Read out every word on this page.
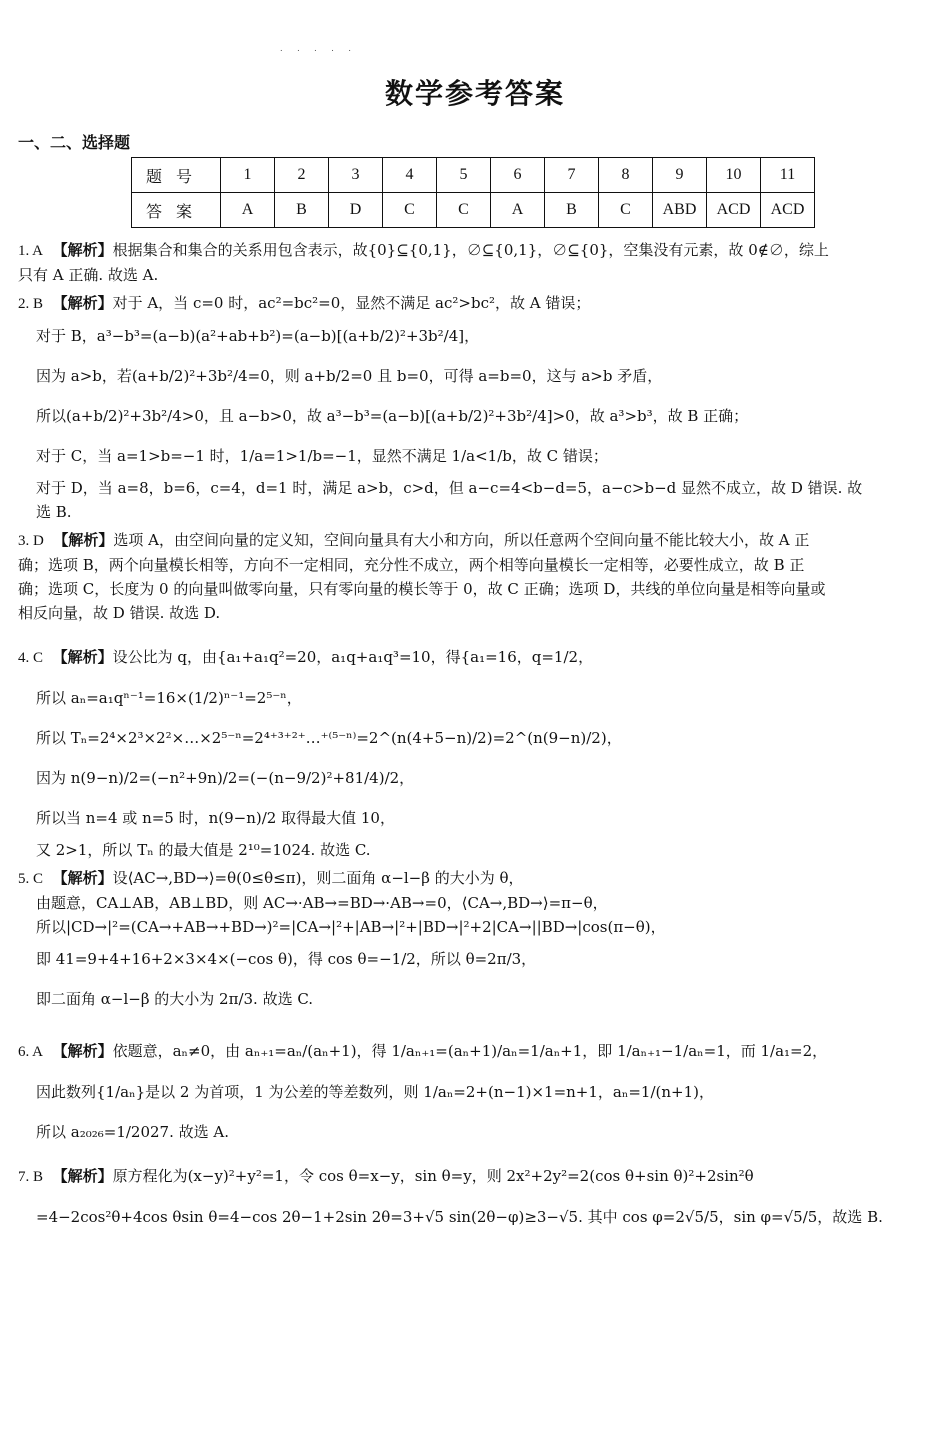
. . . . .
数学参考答案
一、二、选择题
题号	1	2	3	4	5	6	7	8	9	10	11
答案	A	B	D	C	C	A	B	C	ABD	ACD	ACD
1. A 【解析】根据集合和集合的关系用包含表示，故{0}⊆{0,1}，∅⊆{0,1}，∅⊆{0}，空集没有元素，故 0∉∅，综上
只有 A 正确. 故选 A.
2. B 【解析】对于 A，当 c=0 时，ac²=bc²=0，显然不满足 ac²>bc²，故 A 错误；
对于 B，a³−b³=(a−b)(a²+ab+b²)=(a−b)[(a+b/2)²+3b²/4]，
因为 a>b，若(a+b/2)²+3b²/4=0，则 a+b/2=0 且 b=0，可得 a=b=0，这与 a>b 矛盾，
所以(a+b/2)²+3b²/4>0，且 a−b>0，故 a³−b³=(a−b)[(a+b/2)²+3b²/4]>0，故 a³>b³，故 B 正确；
对于 C，当 a=1>b=−1 时，1/a=1>1/b=−1，显然不满足 1/a<1/b，故 C 错误；
对于 D，当 a=8，b=6，c=4，d=1 时，满足 a>b，c>d，但 a−c=4<b−d=5，a−c>b−d 显然不成立，故 D 错误. 故
选 B.
3. D 【解析】选项 A，由空间向量的定义知，空间向量具有大小和方向，所以任意两个空间向量不能比较大小，故 A 正
确；选项 B，两个向量模长相等，方向不一定相同，充分性不成立，两个相等向量模长一定相等，必要性成立，故 B 正
确；选项 C，长度为 0 的向量叫做零向量，只有零向量的模长等于 0，故 C 正确；选项 D，共线的单位向量是相等向量或
相反向量，故 D 错误. 故选 D.
4. C 【解析】设公比为 q，由{a₁+a₁q²=20，a₁q+a₁q³=10，得{a₁=16，q=1/2，
所以 aₙ=a₁qⁿ⁻¹=16×(1/2)ⁿ⁻¹=2⁵⁻ⁿ，
所以 Tₙ=2⁴×2³×2²×…×2⁵⁻ⁿ=2⁴⁺³⁺²⁺…⁺⁽⁵⁻ⁿ⁾=2^(n(4+5−n)/2)=2^(n(9−n)/2)，
因为 n(9−n)/2=(−n²+9n)/2=(−(n−9/2)²+81/4)/2，
所以当 n=4 或 n=5 时，n(9−n)/2 取得最大值 10，
又 2>1，所以 Tₙ 的最大值是 2¹⁰=1024. 故选 C.
5. C 【解析】设⟨AC→,BD→⟩=θ(0≤θ≤π)，则二面角 α−l−β 的大小为 θ，
由题意，CA⊥AB，AB⊥BD，则 AC→·AB→=BD→·AB→=0，⟨CA→,BD→⟩=π−θ，
所以|CD→|²=(CA→+AB→+BD→)²=|CA→|²+|AB→|²+|BD→|²+2|CA→||BD→|cos(π−θ)，
即 41=9+4+16+2×3×4×(−cos θ)，得 cos θ=−1/2，所以 θ=2π/3，
即二面角 α−l−β 的大小为 2π/3. 故选 C.
6. A 【解析】依题意，aₙ≠0，由 aₙ₊₁=aₙ/(aₙ+1)，得 1/aₙ₊₁=(aₙ+1)/aₙ=1/aₙ+1，即 1/aₙ₊₁−1/aₙ=1，而 1/a₁=2，
因此数列{1/aₙ}是以 2 为首项，1 为公差的等差数列，则 1/aₙ=2+(n−1)×1=n+1，aₙ=1/(n+1)，
所以 a₂₀₂₆=1/2027. 故选 A.
7. B 【解析】原方程化为(x−y)²+y²=1，令 cos θ=x−y，sin θ=y，则 2x²+2y²=2(cos θ+sin θ)²+2sin²θ
=4−2cos²θ+4cos θsin θ=4−cos 2θ−1+2sin 2θ=3+√5 sin(2θ−φ)≥3−√5. 其中 cos φ=2√5/5，sin φ=√5/5，故选 B.
